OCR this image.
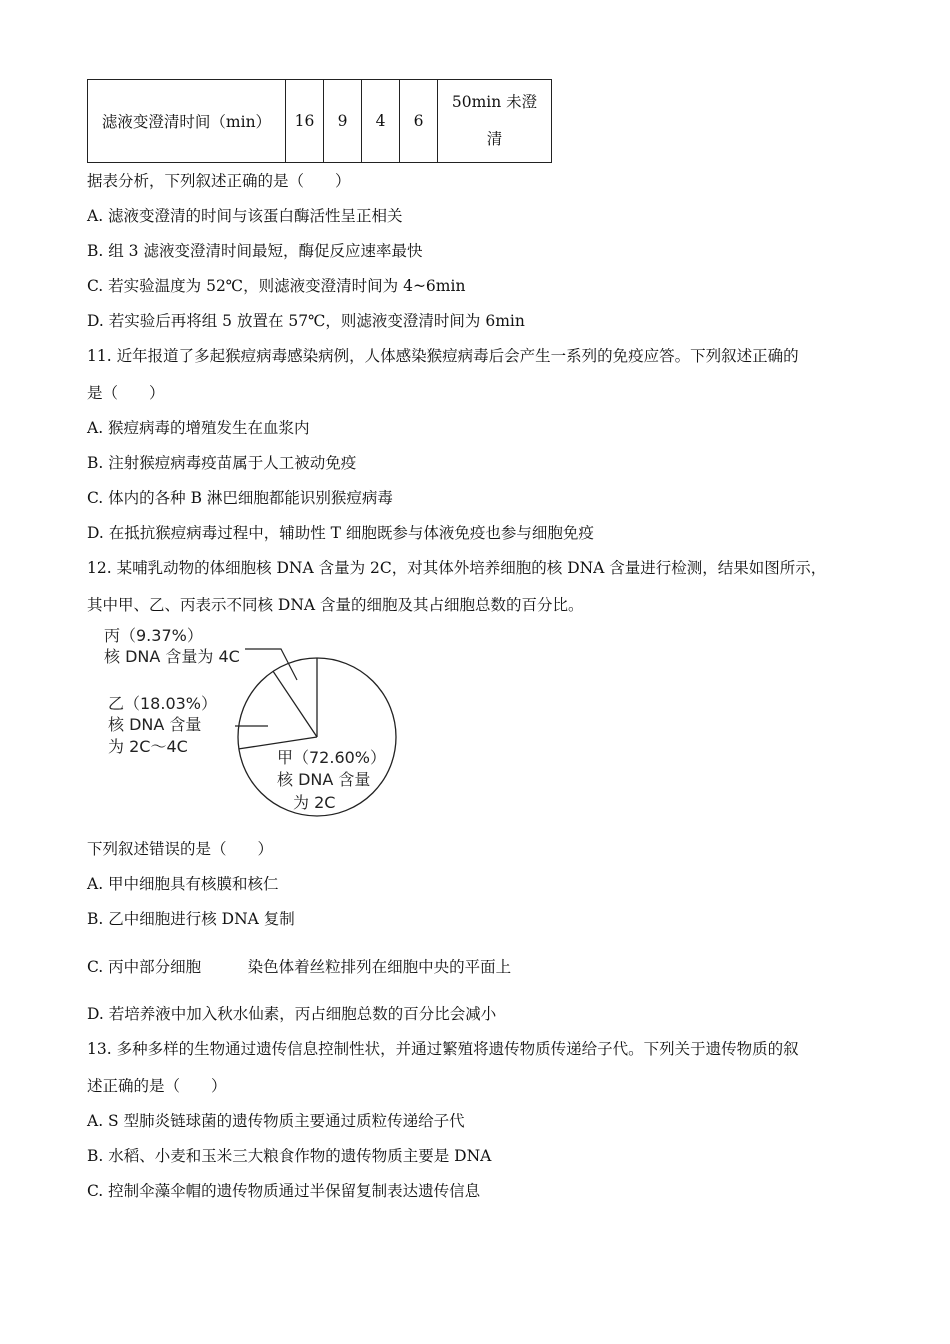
滤液变澄清时间（min）	16	9	4	6	50min 未澄
清
据表分析，下列叙述正确的是（　　）
A. 滤液变澄清的时间与该蛋白酶活性呈正相关
B. 组 3 滤液变澄清时间最短，酶促反应速率最快
C. 若实验温度为 52℃，则滤液变澄清时间为 4~6min
D. 若实验后再将组 5 放置在 57℃，则滤液变澄清时间为 6min
11. 近年报道了多起猴痘病毒感染病例，人体感染猴痘病毒后会产生一系列的免疫应答。下列叙述正确的
是（　　）
A. 猴痘病毒的增殖发生在血浆内
B. 注射猴痘病毒疫苗属于人工被动免疫
C. 体内的各种 B 淋巴细胞都能识别猴痘病毒
D. 在抵抗猴痘病毒过程中，辅助性 T 细胞既参与体液免疫也参与细胞免疫
12. 某哺乳动物的体细胞核 DNA 含量为 2C，对其体外培养细胞的核 DNA 含量进行检测，结果如图所示，
其中甲、乙、丙表示不同核 DNA 含量的细胞及其占细胞总数的百分比。
丙（9.37%）
核 DNA 含量为 4C
乙（18.03%）
核 DNA 含量
为 2C～4C
甲（72.60%）
核 DNA 含量
为 2C
下列叙述错误的是（　　）
A. 甲中细胞具有核膜和核仁
B. 乙中细胞进行核 DNA 复制
C. 丙中部分细胞　　　染色体着丝粒排列在细胞中央的平面上
D. 若培养液中加入秋水仙素，丙占细胞总数的百分比会减小
13. 多种多样的生物通过遗传信息控制性状，并通过繁殖将遗传物质传递给子代。下列关于遗传物质的叙
述正确的是（　　）
A. S 型肺炎链球菌的遗传物质主要通过质粒传递给子代
B. 水稻、小麦和玉米三大粮食作物的遗传物质主要是 DNA
C. 控制伞藻伞帽的遗传物质通过半保留复制表达遗传信息
